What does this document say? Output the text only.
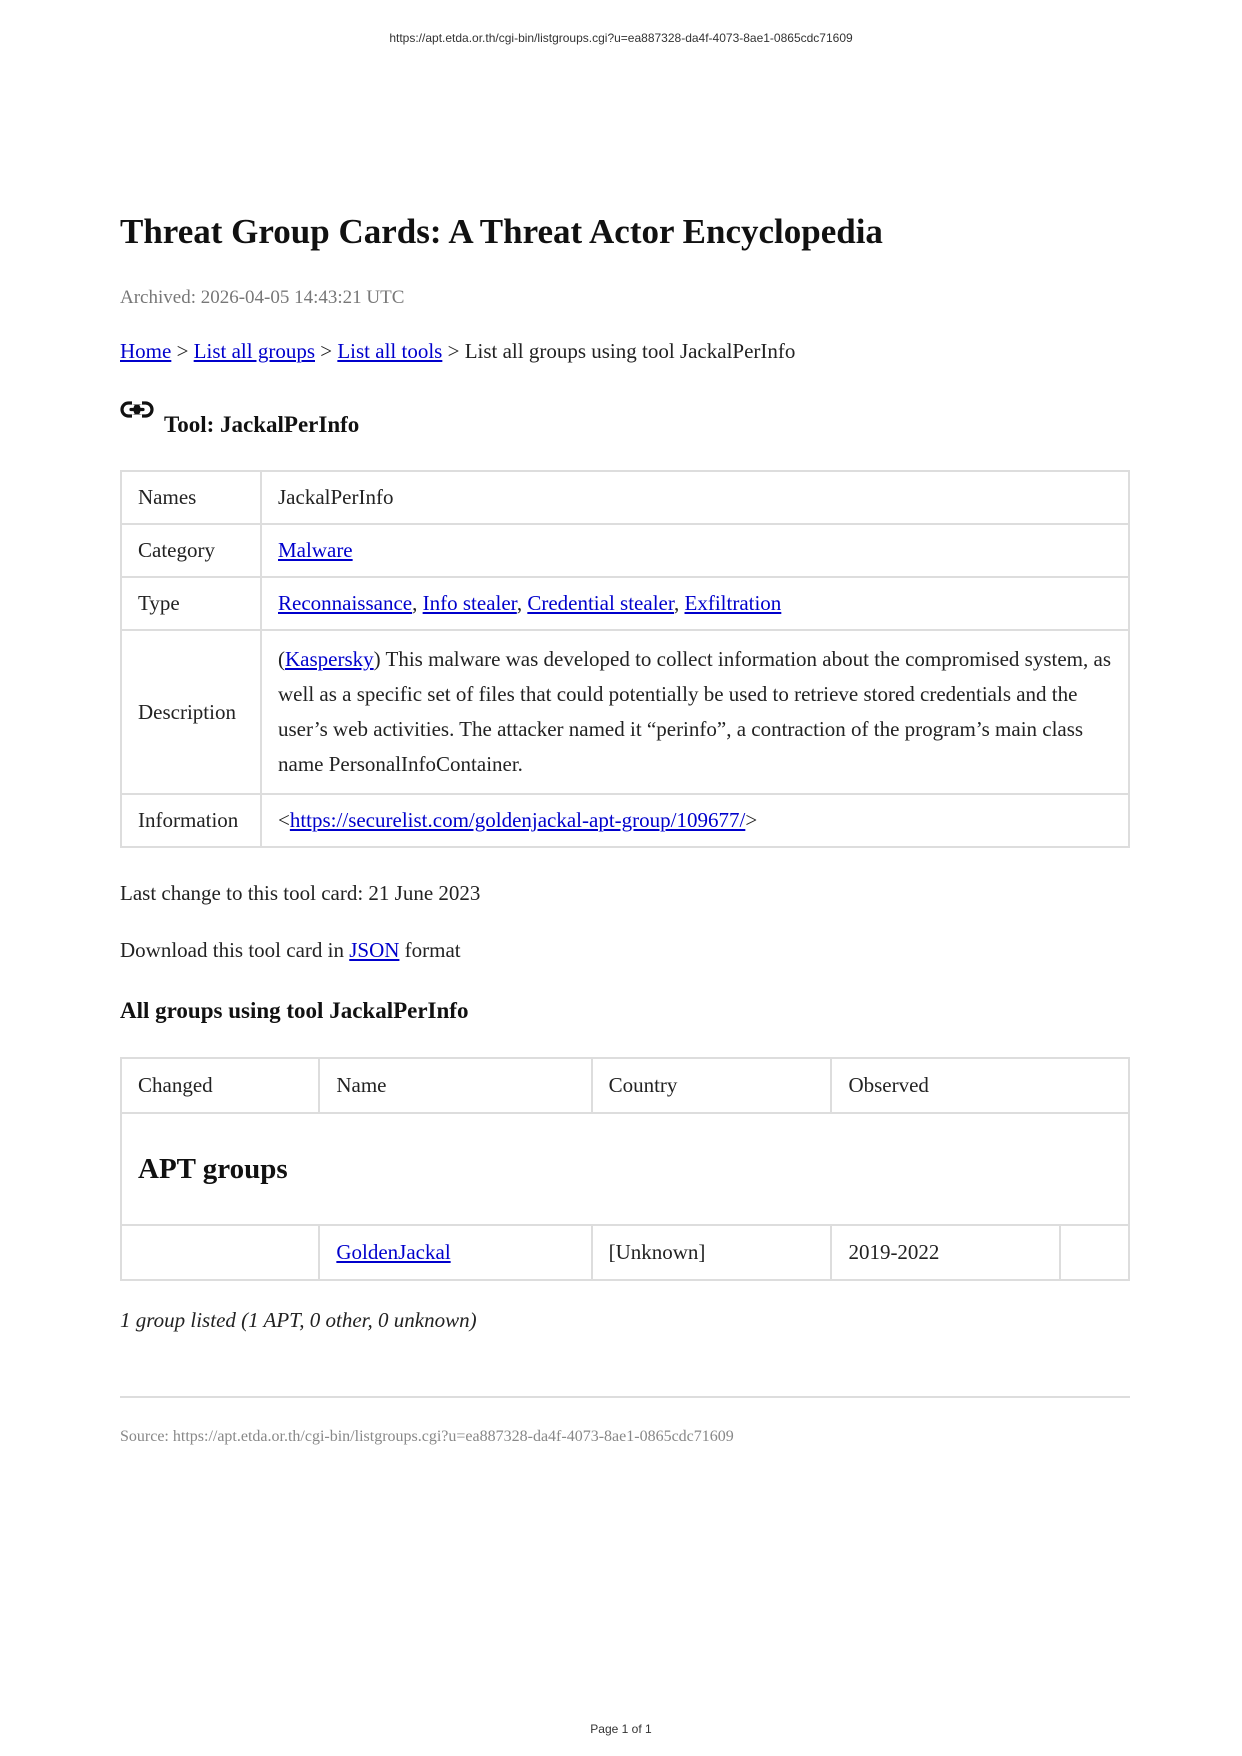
https://apt.etda.or.th/cgi-bin/listgroups.cgi?u=ea887328-da4f-4073-8ae1-0865cdc71609
Threat Group Cards: A Threat Actor Encyclopedia
Archived: 2026-04-05 14:43:21 UTC
Home > List all groups > List all tools > List all groups using tool JackalPerInfo
Tool: JackalPerInfo
Names	JackalPerInfo
Category	Malware
Type	Reconnaissance, Info stealer, Credential stealer, Exfiltration
Description	(Kaspersky) This malware was developed to collect information about the compromised system, as well as a specific set of files that could potentially be used to retrieve stored credentials and the user’s web activities. The attacker named it “perinfo”, a contraction of the program’s main class name PersonalInfoContainer.
Information	<https://securelist.com/goldenjackal-apt-group/109677/>
Last change to this tool card: 21 June 2023
Download this tool card in JSON format
All groups using tool JackalPerInfo
Changed	Name	Country	Observed	
APT groups				
	GoldenJackal	[Unknown]	2019-2022	
1 group listed (1 APT, 0 other, 0 unknown)
Source: https://apt.etda.or.th/cgi-bin/listgroups.cgi?u=ea887328-da4f-4073-8ae1-0865cdc71609
Page 1 of 1
